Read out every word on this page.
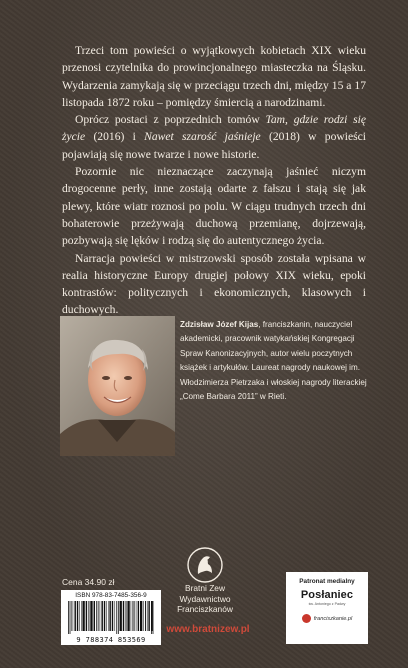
Trzeci tom powieści o wyjątkowych kobietach XIX wieku przenosi czytelnika do prowincjonalnego miasteczka na Śląsku. Wydarzenia zamykają się w przeciągu trzech dni, między 15 a 17 listopada 1872 roku – pomiędzy śmiercią a narodzinami.

Oprócz postaci z poprzednich tomów Tam, gdzie rodzi się życie (2016) i Nawet szarość jaśnieje (2018) w powieści pojawiają się nowe twarze i nowe historie.

Pozornie nic nieznaczące zaczynają jaśnieć niczym drogocenne perły, inne zostają odarte z fałszu i stają się jak plewy, które wiatr roznosi po polu. W ciągu trudnych trzech dni bohaterowie przeżywają duchową przemianę, dojrzewają, pozbywają się lęków i rodzą się do autentycznego życia.

Narracja powieści w mistrzowski sposób została wpisana w realia historyczne Europy drugiej połowy XIX wieku, epoki kontrastów: politycznych i ekonomicznych, klasowych i duchowych.

Zdzisław Józef Kijas, franciszkanin, nauczyciel akademicki, pracownik watykańskiej Kongregacji Spraw Kanonizacyjnych, autor wielu poczytnych książek i artykułów. Laureat nagrody naukowej im. Włodzimierza Pietrzaka i włoskiej nagrody literackiej „Come Barbara 2011” w Rieti.
Cena 34.90 zł
ISBN 978-83-7485-356-9
9 788374 853569
Bratni Zew
Wydawnictwo
Franciszkanów
www.bratnizew.pl
Patronat medialny
Posłaniec
św. Antoniego z Padwy
franciszkanie.pl
